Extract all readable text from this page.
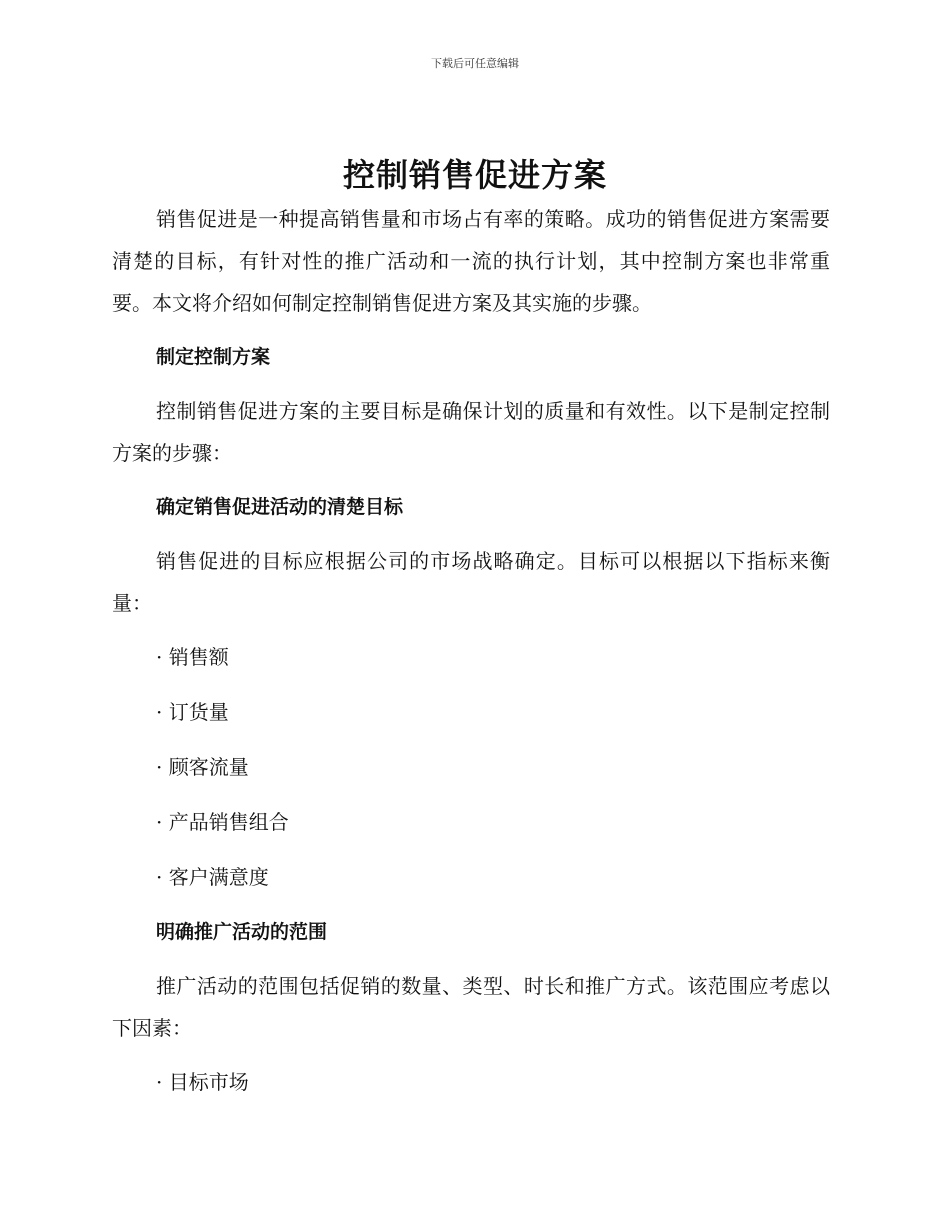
下载后可任意编辑
控制销售促进方案

销售促进是一种提高销售量和市场占有率的策略。成功的销售促进方案需要清楚的目标，有针对性的推广活动和一流的执行计划，其中控制方案也非常重要。本文将介绍如何制定控制销售促进方案及其实施的步骤。

制定控制方案

控制销售促进方案的主要目标是确保计划的质量和有效性。以下是制定控制方案的步骤：

确定销售促进活动的清楚目标

销售促进的目标应根据公司的市场战略确定。目标可以根据以下指标来衡量：

· 销售额
· 订货量
· 顾客流量
· 产品销售组合
· 客户满意度
明确推广活动的范围

推广活动的范围包括促销的数量、类型、时长和推广方式。该范围应考虑以下因素：

· 目标市场
